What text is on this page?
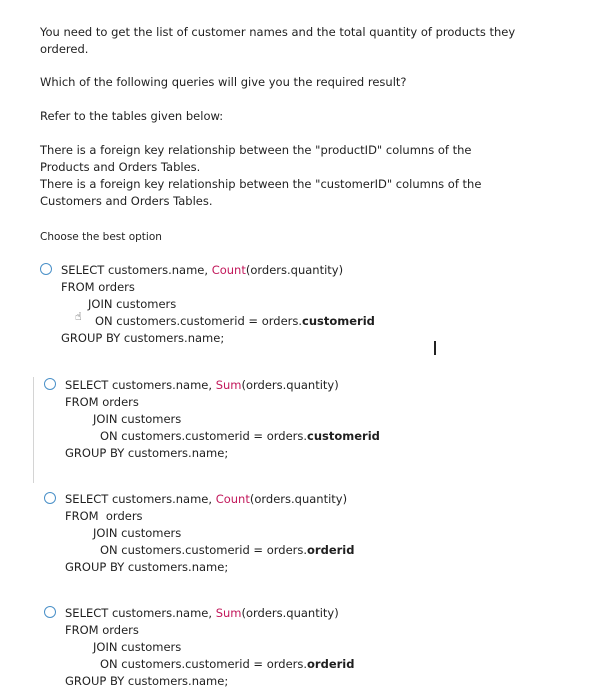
You need to get the list of customer names and the total quantity of products they
ordered.
Which of the following queries will give you the required result?
Refer to the tables given below:
There is a foreign key relationship between the "productID" columns of the
Products and Orders Tables.
There is a foreign key relationship between the "customerID" columns of the
Customers and Orders Tables.
Choose the best option
SELECT customers.name, Count(orders.quantity)
FROM orders
JOIN customers
ON customers.customerid = orders.customerid
GROUP BY customers.name;
☝
SELECT customers.name, Sum(orders.quantity)
FROM orders
JOIN customers
ON customers.customerid = orders.customerid
GROUP BY customers.name;
SELECT customers.name, Count(orders.quantity)
FROM  orders
JOIN customers
ON customers.customerid = orders.orderid
GROUP BY customers.name;
SELECT customers.name, Sum(orders.quantity)
FROM orders
JOIN customers
ON customers.customerid = orders.orderid
GROUP BY customers.name;
